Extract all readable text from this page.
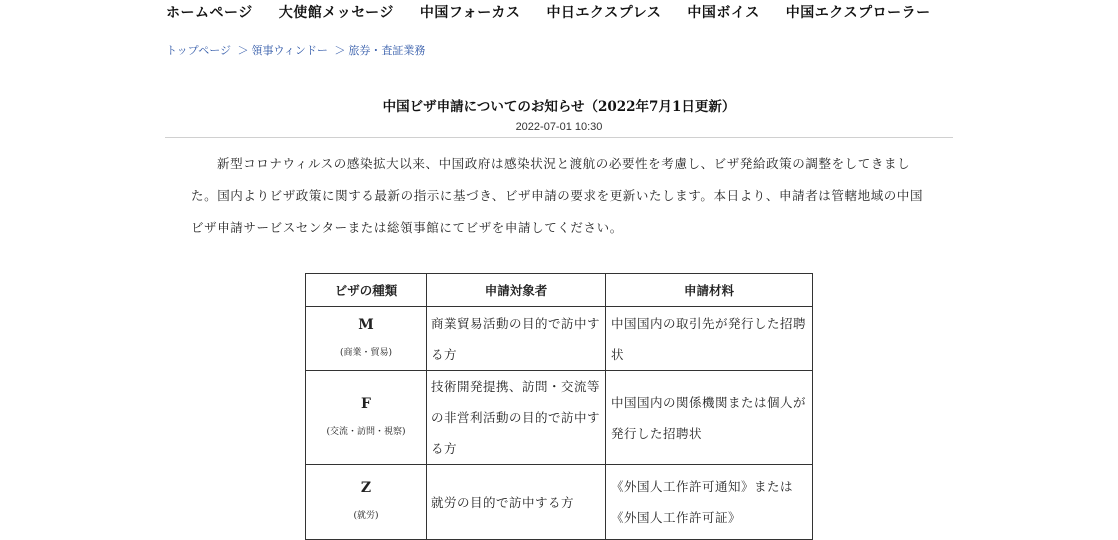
ホームページ 大使館メッセージ 中国フォーカス 中日エクスプレス 中国ボイス 中国エクスプローラー
トップページ ＞ 領事ウィンドー ＞ 旅券・査証業務
中国ビザ申請についてのお知らせ（2022年7月1日更新）
2022-07-01 10:30

新型コロナウィルスの感染拡大以来、中国政府は感染状況と渡航の必要性を考慮し、ビザ発給政策の調整をしてきました。国内よりビザ政策に関する最新の指示に基づき、ビザ申請の要求を更新いたします。本日より、申請者は管轄地域の中国ビザ申請サービスセンターまたは総領事館にてビザを申請してください。

ビザの種類	申請対象者	申請材料

M
(商業・貿易)	商業貿易活動の目的で訪中する方	中国国内の取引先が発行した招聘状

F
(交流・訪問・視察)	技術開発提携、訪問・交流等の非営利活動の目的で訪中する方	中国国内の関係機関または個人が発行した招聘状

Z
(就労)	就労の目的で訪中する方	《外国人工作許可通知》または《外国人工作許可証》
